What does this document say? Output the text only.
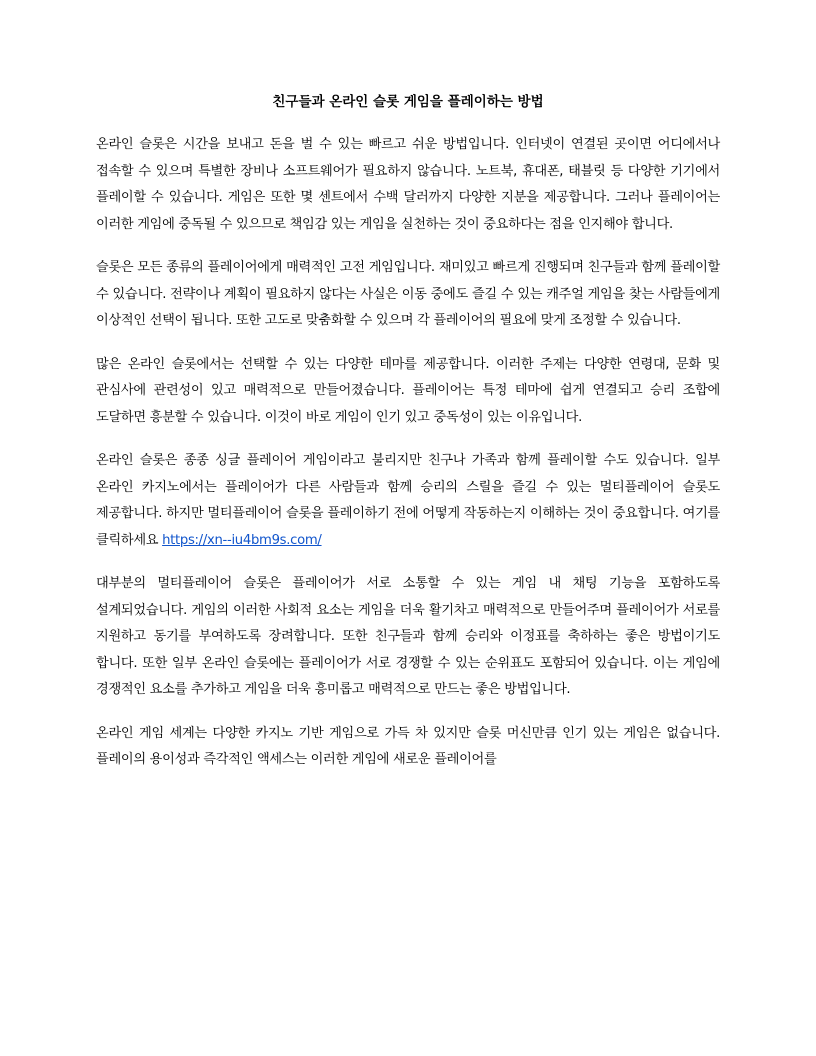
친구들과 온라인 슬롯 게임을 플레이하는 방법

온라인 슬롯은 시간을 보내고 돈을 벌 수 있는 빠르고 쉬운 방법입니다. 인터넷이 연결된 곳이면 어디에서나 접속할 수 있으며 특별한 장비나 소프트웨어가 필요하지 않습니다. 노트북, 휴대폰, 태블릿 등 다양한 기기에서 플레이할 수 있습니다. 게임은 또한 몇 센트에서 수백 달러까지 다양한 지분을 제공합니다. 그러나 플레이어는 이러한 게임에 중독될 수 있으므로 책임감 있는 게임을 실천하는 것이 중요하다는 점을 인지해야 합니다.

슬롯은 모든 종류의 플레이어에게 매력적인 고전 게임입니다. 재미있고 빠르게 진행되며 친구들과 함께 플레이할 수 있습니다. 전략이나 계획이 필요하지 않다는 사실은 이동 중에도 즐길 수 있는 캐주얼 게임을 찾는 사람들에게 이상적인 선택이 됩니다. 또한 고도로 맞춤화할 수 있으며 각 플레이어의 필요에 맞게 조정할 수 있습니다.

많은 온라인 슬롯에서는 선택할 수 있는 다양한 테마를 제공합니다. 이러한 주제는 다양한 연령대, 문화 및 관심사에 관련성이 있고 매력적으로 만들어졌습니다. 플레이어는 특정 테마에 쉽게 연결되고 승리 조합에 도달하면 흥분할 수 있습니다. 이것이 바로 게임이 인기 있고 중독성이 있는 이유입니다.

온라인 슬롯은 종종 싱글 플레이어 게임이라고 불리지만 친구나 가족과 함께 플레이할 수도 있습니다. 일부 온라인 카지노에서는 플레이어가 다른 사람들과 함께 승리의 스릴을 즐길 수 있는 멀티플레이어 슬롯도 제공합니다. 하지만 멀티플레이어 슬롯을 플레이하기 전에 어떻게 작동하는지 이해하는 것이 중요합니다. 여기를 클릭하세요 https://xn--iu4bm9s.com/

대부분의 멀티플레이어 슬롯은 플레이어가 서로 소통할 수 있는 게임 내 채팅 기능을 포함하도록 설계되었습니다. 게임의 이러한 사회적 요소는 게임을 더욱 활기차고 매력적으로 만들어주며 플레이어가 서로를 지원하고 동기를 부여하도록 장려합니다. 또한 친구들과 함께 승리와 이정표를 축하하는 좋은 방법이기도 합니다. 또한 일부 온라인 슬롯에는 플레이어가 서로 경쟁할 수 있는 순위표도 포함되어 있습니다. 이는 게임에 경쟁적인 요소를 추가하고 게임을 더욱 흥미롭고 매력적으로 만드는 좋은 방법입니다.

온라인 게임 세계는 다양한 카지노 기반 게임으로 가득 차 있지만 슬롯 머신만큼 인기 있는 게임은 없습니다. 플레이의 용이성과 즉각적인 액세스는 이러한 게임에 새로운 플레이어를
